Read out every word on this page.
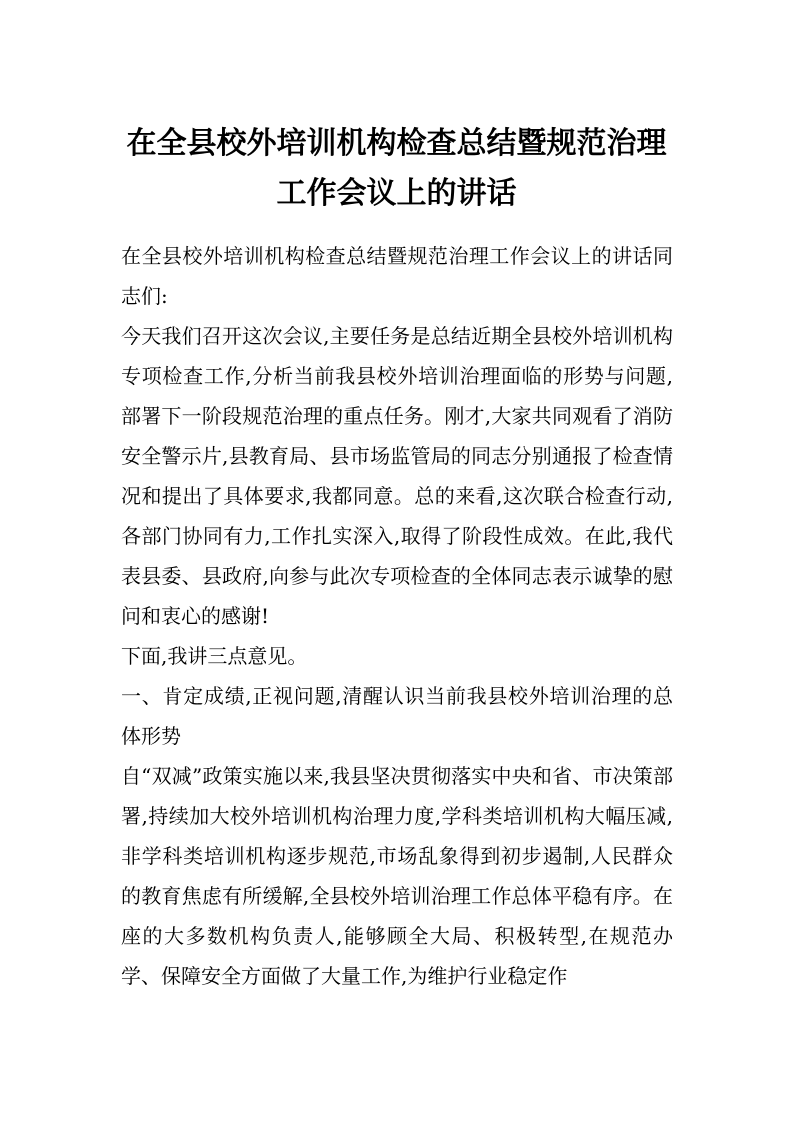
在全县校外培训机构检查总结暨规范治理
工作会议上的讲话

在全县校外培训机构检查总结暨规范治理工作会议上的讲话同志们:

今天我们召开这次会议,主要任务是总结近期全县校外培训机构专项检查工作,分析当前我县校外培训治理面临的形势与问题,部署下一阶段规范治理的重点任务。刚才,大家共同观看了消防安全警示片,县教育局、县市场监管局的同志分别通报了检查情况和提出了具体要求,我都同意。总的来看,这次联合检查行动,各部门协同有力,工作扎实深入,取得了阶段性成效。在此,我代表县委、县政府,向参与此次专项检查的全体同志表示诚挚的慰问和衷心的感谢!

下面,我讲三点意见。

一、肯定成绩,正视问题,清醒认识当前我县校外培训治理的总体形势

自“双减”政策实施以来,我县坚决贯彻落实中央和省、市决策部署,持续加大校外培训机构治理力度,学科类培训机构大幅压减,非学科类培训机构逐步规范,市场乱象得到初步遏制,人民群众的教育焦虑有所缓解,全县校外培训治理工作总体平稳有序。在座的大多数机构负责人,能够顾全大局、积极转型,在规范办学、保障安全方面做了大量工作,为维护行业稳定作
